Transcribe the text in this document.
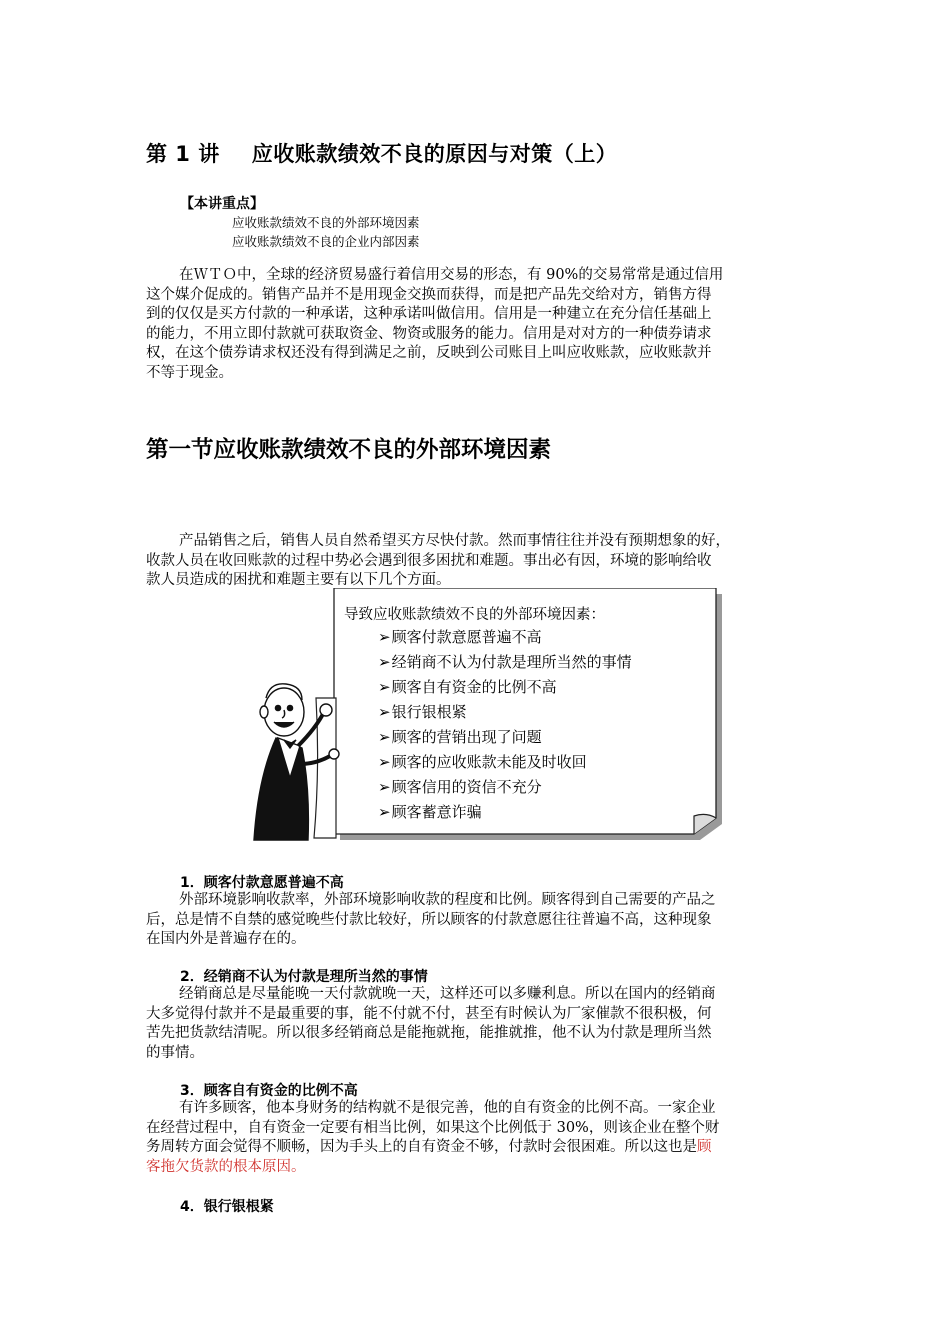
第 1 讲 应收账款绩效不良的原因与对策（上）
【本讲重点】
应收账款绩效不良的外部环境因素
应收账款绩效不良的企业内部因素
在ＷＴＯ中，全球的经济贸易盛行着信用交易的形态，有 90%的交易常常是通过信用
这个媒介促成的。销售产品并不是用现金交换而获得，而是把产品先交给对方，销售方得
到的仅仅是买方付款的一种承诺，这种承诺叫做信用。信用是一种建立在充分信任基础上
的能力，不用立即付款就可获取资金、物资或服务的能力。信用是对对方的一种债券请求
权，在这个债券请求权还没有得到满足之前，反映到公司账目上叫应收账款，应收账款并
不等于现金。
第一节应收账款绩效不良的外部环境因素
产品销售之后，销售人员自然希望买方尽快付款。然而事情往往并没有预期想象的好，
收款人员在收回账款的过程中势必会遇到很多困扰和难题。事出必有因，环境的影响给收
款人员造成的困扰和难题主要有以下几个方面。
导致应收账款绩效不良的外部环境因素：
➢顾客付款意愿普遍不高
➢经销商不认为付款是理所当然的事情
➢顾客自有资金的比例不高
➢银行银根紧
➢顾客的营销出现了问题
➢顾客的应收账款未能及时收回
➢顾客信用的资信不充分
➢顾客蓄意诈骗
1．顾客付款意愿普遍不高
外部环境影响收款率，外部环境影响收款的程度和比例。顾客得到自己需要的产品之
后，总是情不自禁的感觉晚些付款比较好，所以顾客的付款意愿往往普遍不高，这种现象
在国内外是普遍存在的。
2．经销商不认为付款是理所当然的事情
经销商总是尽量能晚一天付款就晚一天，这样还可以多赚利息。所以在国内的经销商
大多觉得付款并不是最重要的事，能不付就不付，甚至有时候认为厂家催款不很积极，何
苦先把货款结清呢。所以很多经销商总是能拖就拖，能推就推，他不认为付款是理所当然
的事情。
3．顾客自有资金的比例不高
有许多顾客，他本身财务的结构就不是很完善，他的自有资金的比例不高。一家企业
在经营过程中，自有资金一定要有相当比例，如果这个比例低于 30%，则该企业在整个财
务周转方面会觉得不顺畅，因为手头上的自有资金不够，付款时会很困难。所以这也是顾
客拖欠货款的根本原因。
4．银行银根紧
